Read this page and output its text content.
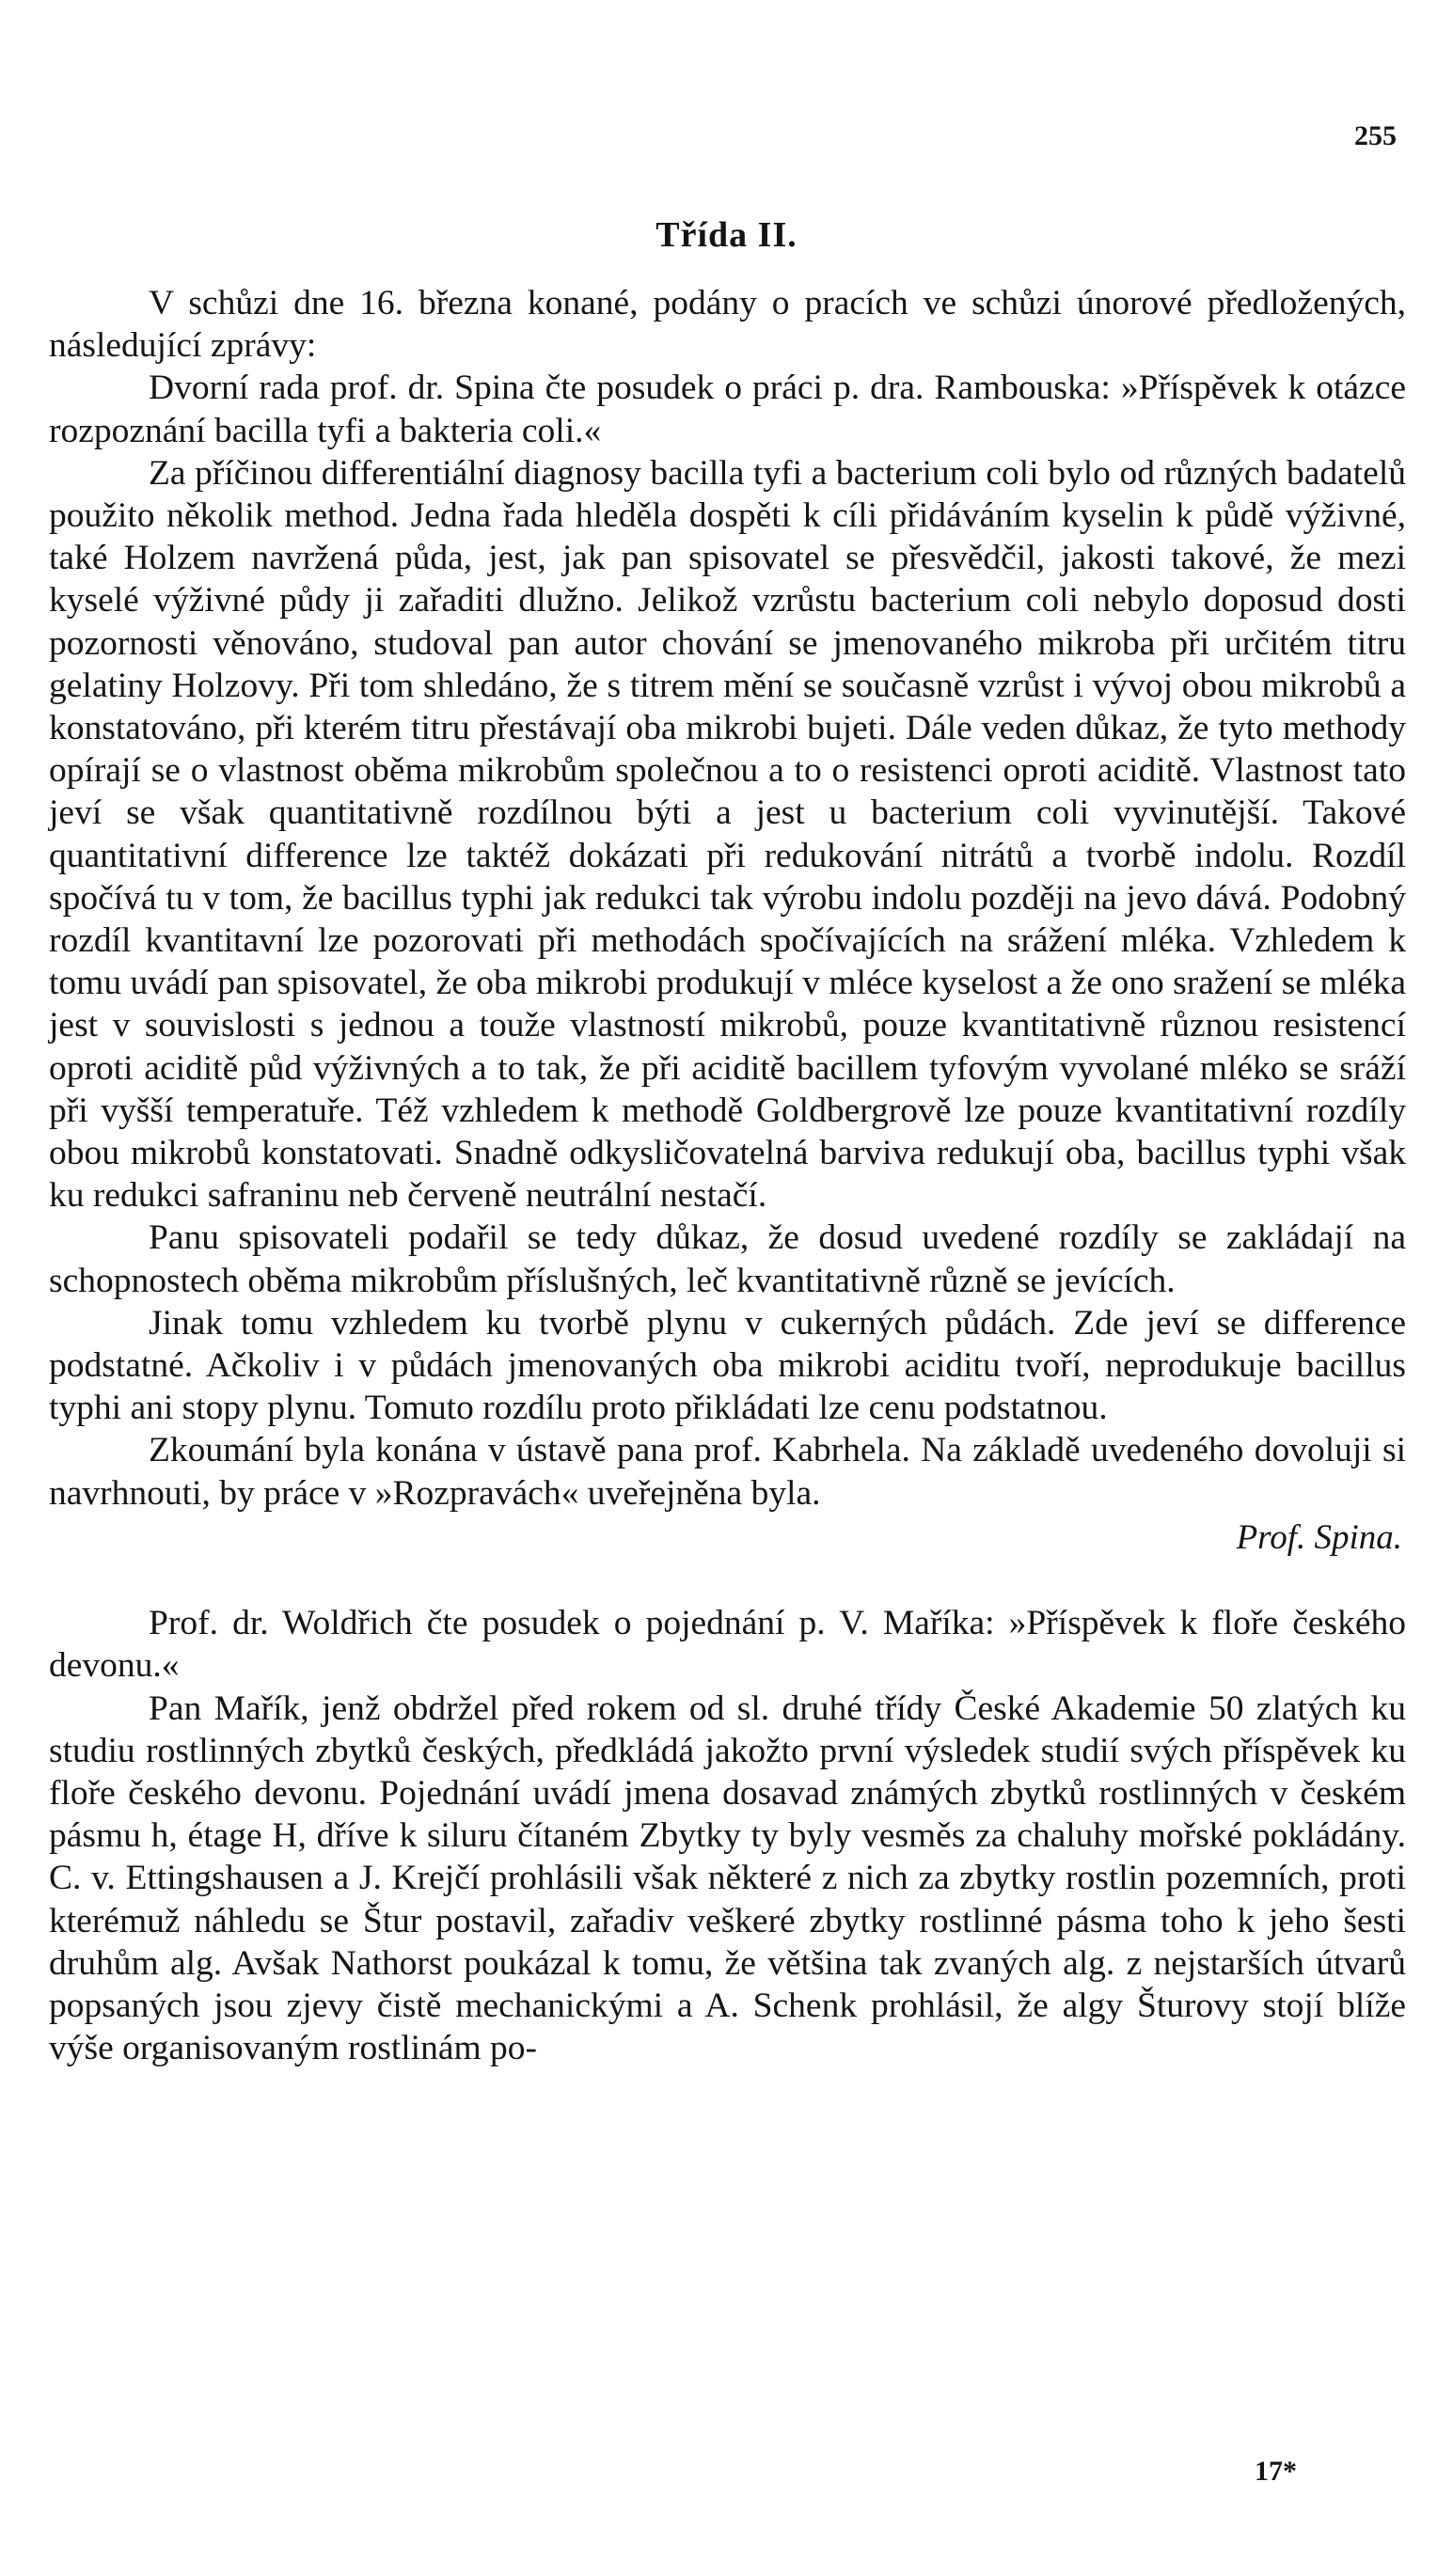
255
Třída II.

V schůzi dne 16. března konané, podány o pracích ve schůzi únorové předložených, následující zprávy:

Dvorní rada prof. dr. Spina čte posudek o práci p. dra. Rambouska: »Příspěvek k otázce rozpoznání bacilla tyfi a bakteria coli.«

Za příčinou differentiální diagnosy bacilla tyfi a bacterium coli bylo od různých badatelů použito několik method. Jedna řada hleděla dospěti k cíli přidáváním kyselin k půdě výživné, také Holzem navržená půda, jest, jak pan spisovatel se přesvědčil, jakosti takové, že mezi kyselé výživné půdy ji zařaditi dlužno. Jelikož vzrůstu bacterium coli nebylo doposud dosti pozornosti věnováno, studoval pan autor chování se jmenovaného mikroba při určitém titru gelatiny Holzovy. Při tom shledáno, že s titrem mění se současně vzrůst i vývoj obou mikrobů a konstatováno, při kterém titru přestávají oba mikrobi bujeti. Dále veden důkaz, že tyto methody opírají se o vlastnost oběma mikrobům společnou a to o resistenci oproti aciditě. Vlastnost tato jeví se však quantitativně rozdílnou býti a jest u bacterium coli vyvinutější. Takové quantitativní difference lze taktéž dokázati při redukování nitrátů a tvorbě indolu. Rozdíl spočívá tu v tom, že bacillus typhi jak redukci tak výrobu indolu později na jevo dává. Podobný rozdíl kvantitavní lze pozorovati při methodách spočívajících na srážení mléka. Vzhledem k tomu uvádí pan spisovatel, že oba mikrobi produkují v mléce kyselost a že ono sražení se mléka jest v souvislosti s jednou a touže vlastností mikrobů, pouze kvantitativně různou resistencí oproti aciditě půd výživných a to tak, že při aciditě bacillem tyfovým vyvolané mléko se sráží při vyšší temperatuře. Též vzhledem k methodě Goldbergrově lze pouze kvantitativní rozdíly obou mikrobů konstatovati. Snadně odkysličovatelná barviva redukují oba, bacillus typhi však ku redukci safraninu neb červeně neutrální nestačí.

Panu spisovateli podařil se tedy důkaz, že dosud uvedené rozdíly se zakládají na schopnostech oběma mikrobům příslušných, leč kvantitativně různě se jevících.

Jinak tomu vzhledem ku tvorbě plynu v cukerných půdách. Zde jeví se difference podstatné. Ačkoliv i v půdách jmenovaných oba mikrobi aciditu tvoří, neprodukuje bacillus typhi ani stopy plynu. Tomuto rozdílu proto přikládati lze cenu podstatnou.

Zkoumání byla konána v ústavě pana prof. Kabrhela. Na základě uvedeného dovoluji si navrhnouti, by práce v »Rozpravách« uveřejněna byla.

Prof. Spina.

Prof. dr. Woldřich čte posudek o pojednání p. V. Maříka: »Příspěvek k floře českého devonu.«

Pan Mařík, jenž obdržel před rokem od sl. druhé třídy České Akademie 50 zlatých ku studiu rostlinných zbytků českých, předkládá jakožto první výsledek studií svých příspěvek ku floře českého devonu. Pojednání uvádí jmena dosavad známých zbytků rostlinných v českém pásmu h, étage H, dříve k siluru čítaném Zbytky ty byly vesměs za chaluhy mořské pokládány. C. v. Ettingshausen a J. Krejčí prohlásili však některé z nich za zbytky rostlin pozemních, proti kterémuž náhledu se Štur postavil, zařadiv veškeré zbytky rostlinné pásma toho k jeho šesti druhům alg. Avšak Nathorst poukázal k tomu, že většina tak zvaných alg. z nejstarších útvarů popsaných jsou zjevy čistě mechanickými a A. Schenk prohlásil, že algy Šturovy stojí blíže výše organisovaným rostlinám po-

17*
